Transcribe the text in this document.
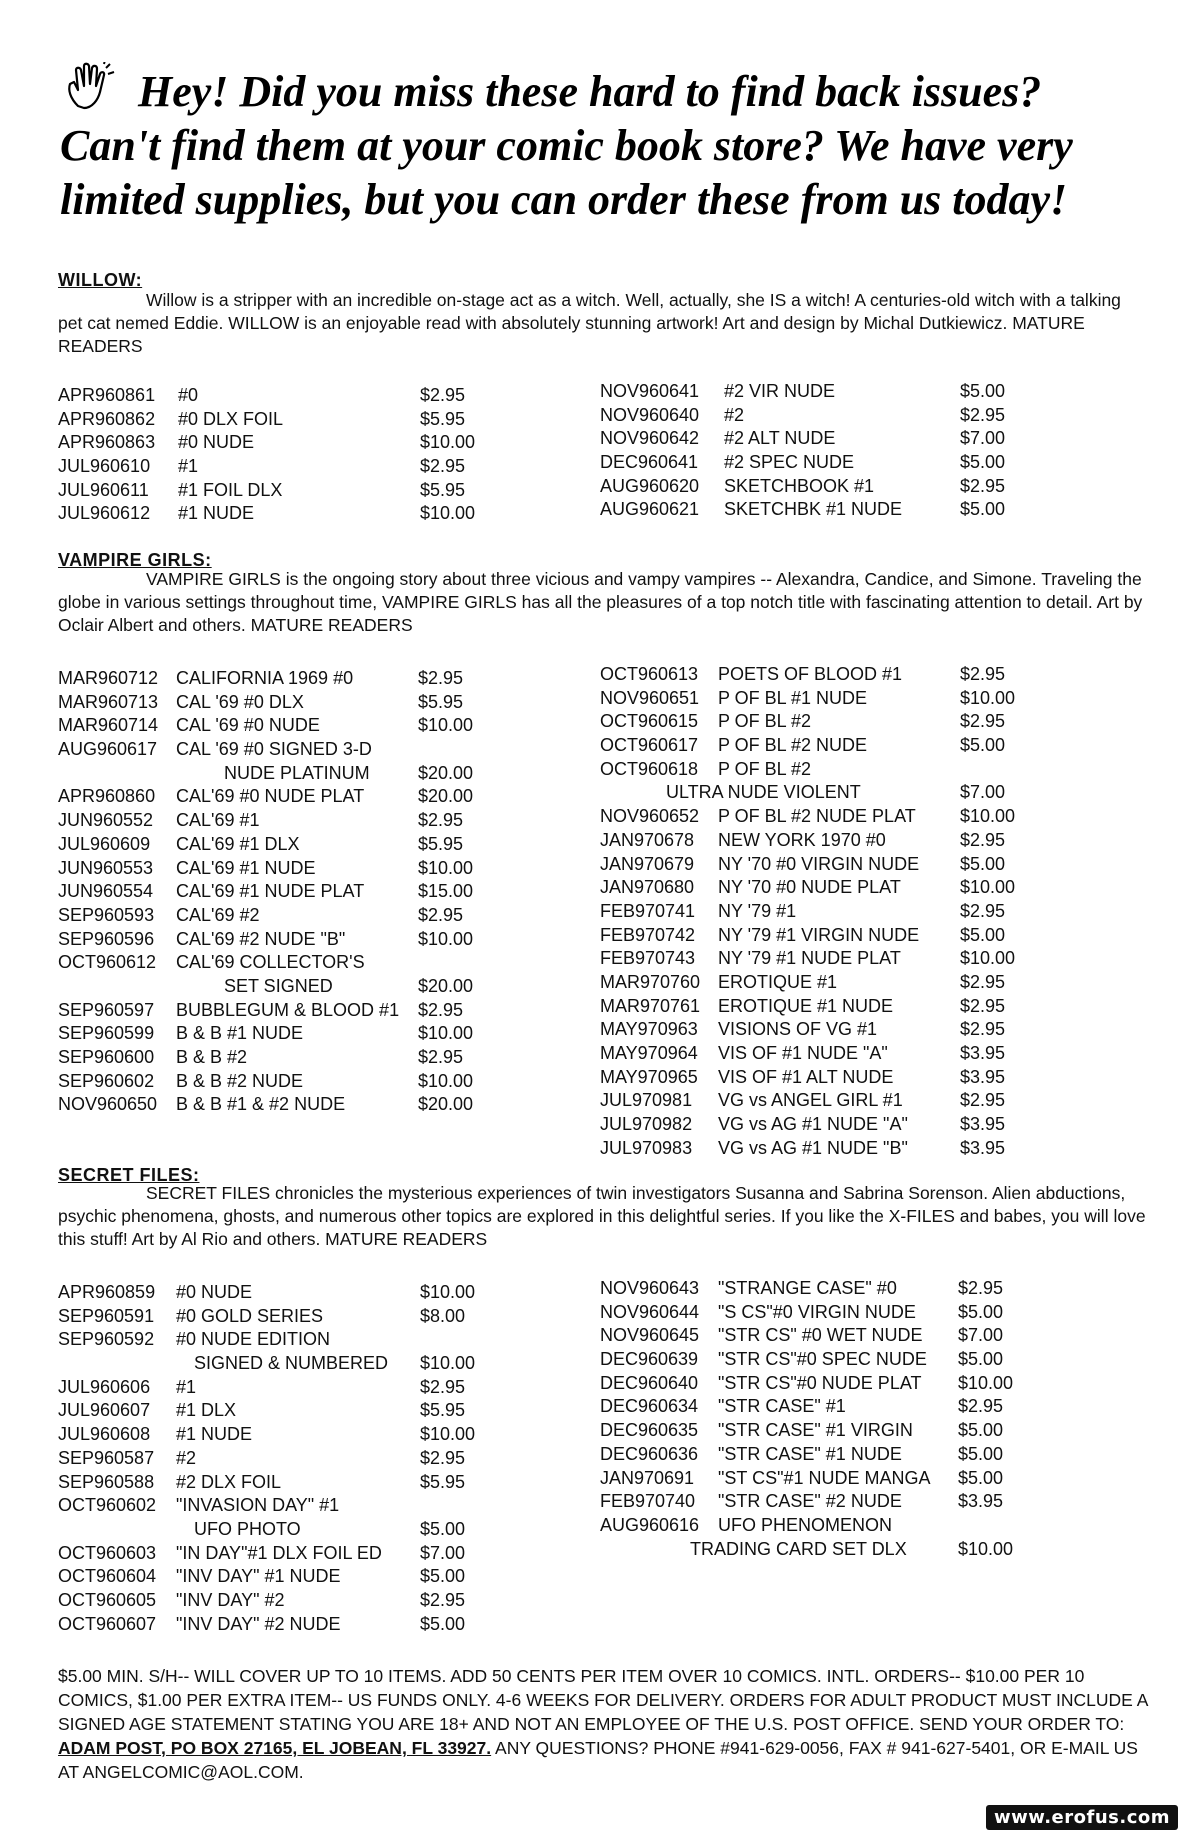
Hey! Did you miss these hard to find back issues?
Can't find them at your comic book store? We have very
limited supplies, but you can order these from us today!
WILLOW:
Willow is a stripper with an incredible on-stage act as a witch. Well, actually, she IS a witch! A centuries-old witch with a talking pet cat nemed Eddie. WILLOW is an enjoyable read with absolutely stunning artwork! Art and design by Michal Dutkiewicz. MATURE READERS
APR960861 #0	$2.95
APR960862 #0 DLX FOIL	$5.95
APR960863 #0 NUDE	$10.00
JUL960610 #1	$2.95
JUL960611 #1 FOIL DLX	$5.95
JUL960612 #1 NUDE	$10.00
NOV960641 #2 VIR NUDE	$5.00
NOV960640 #2	$2.95
NOV960642 #2 ALT NUDE	$7.00
DEC960641 #2 SPEC NUDE	$5.00
AUG960620 SKETCHBOOK #1	$2.95
AUG960621 SKETCHBK #1 NUDE	$5.00
VAMPIRE GIRLS:
VAMPIRE GIRLS is the ongoing story about three vicious and vampy vampires -- Alexandra, Candice, and Simone. Traveling the globe in various settings throughout time, VAMPIRE GIRLS has all the pleasures of a top notch title with fascinating attention to detail. Art by Oclair Albert and others. MATURE READERS
MAR960712 CALIFORNIA 1969 #0	$2.95
MAR960713 CAL '69 #0 DLX	$5.95
MAR960714 CAL '69 #0 NUDE	$10.00
AUG960617 CAL '69 #0 SIGNED 3-D
NUDE PLATINUM	$20.00
APR960860 CAL'69 #0 NUDE PLAT	$20.00
JUN960552 CAL'69 #1	$2.95
JUL960609 CAL'69 #1 DLX	$5.95
JUN960553 CAL'69 #1 NUDE	$10.00
JUN960554 CAL'69 #1 NUDE PLAT	$15.00
SEP960593 CAL'69 #2	$2.95
SEP960596 CAL'69 #2 NUDE "B"	$10.00
OCT960612 CAL'69 COLLECTOR'S
SET SIGNED	$20.00
SEP960597 BUBBLEGUM & BLOOD #1 $2.95
SEP960599 B & B #1 NUDE	$10.00
SEP960600 B & B #2	$2.95
SEP960602 B & B #2 NUDE	$10.00
NOV960650 B & B #1 & #2 NUDE	$20.00
OCT960613 POETS OF BLOOD #1	$2.95
NOV960651 P OF BL #1 NUDE	$10.00
OCT960615 P OF BL #2	$2.95
OCT960617 P OF BL #2 NUDE	$5.00
OCT960618 P OF BL #2
ULTRA NUDE VIOLENT	$7.00
NOV960652 P OF BL #2 NUDE PLAT $10.00
JAN970678 NEW YORK 1970 #0	$2.95
JAN970679 NY '70 #0 VIRGIN NUDE $5.00
JAN970680 NY '70 #0 NUDE PLAT	$10.00
FEB970741 NY '79 #1	$2.95
FEB970742 NY '79 #1 VIRGIN NUDE $5.00
FEB970743 NY '79 #1 NUDE PLAT	$10.00
MAR970760 EROTIQUE #1	$2.95
MAR970761 EROTIQUE #1 NUDE	$2.95
MAY970963 VISIONS OF VG #1	$2.95
MAY970964 VIS OF #1 NUDE "A"	$3.95
MAY970965 VIS OF #1 ALT NUDE	$3.95
JUL970981 VG vs ANGEL GIRL #1	$2.95
JUL970982 VG vs AG #1 NUDE "A"	$3.95
JUL970983 VG vs AG #1 NUDE "B"	$3.95
SECRET FILES:
SECRET FILES chronicles the mysterious experiences of twin investigators Susanna and Sabrina Sorenson. Alien abductions, psychic phenomena, ghosts, and numerous other topics are explored in this delightful series. If you like the X-FILES and babes, you will love this stuff! Art by Al Rio and others. MATURE READERS
APR960859 #0 NUDE	$10.00
SEP960591 #0 GOLD SERIES	$8.00
SEP960592 #0 NUDE EDITION
SIGNED & NUMBERED $10.00
JUL960606 #1	$2.95
JUL960607 #1 DLX	$5.95
JUL960608 #1 NUDE	$10.00
SEP960587 #2	$2.95
SEP960588 #2 DLX FOIL	$5.95
OCT960602 "INVASION DAY" #1
UFO PHOTO	$5.00
OCT960603 "IN DAY"#1 DLX FOIL ED $7.00
OCT960604 "INV DAY" #1 NUDE	$5.00
OCT960605 "INV DAY" #2	$2.95
OCT960607 "INV DAY" #2 NUDE	$5.00
NOV960643 "STRANGE CASE" #0	$2.95
NOV960644 "S CS"#0 VIRGIN NUDE $5.00
NOV960645 "STR CS" #0 WET NUDE $7.00
DEC960639 "STR CS"#0 SPEC NUDE $5.00
DEC960640 "STR CS"#0 NUDE PLAT $10.00
DEC960634 "STR CASE" #1	$2.95
DEC960635 "STR CASE" #1 VIRGIN	$5.00
DEC960636 "STR CASE" #1 NUDE	$5.00
JAN970691 "ST CS"#1 NUDE MANGA $5.00
FEB970740 "STR CASE" #2 NUDE	$3.95
AUG960616 UFO PHENOMENON
TRADING CARD SET DLX	$10.00
$5.00 MIN. S/H-- WILL COVER UP TO 10 ITEMS. ADD 50 CENTS PER ITEM OVER 10 COMICS. INTL. ORDERS-- $10.00 PER 10 COMICS, $1.00 PER EXTRA ITEM-- US FUNDS ONLY. 4-6 WEEKS FOR DELIVERY. ORDERS FOR ADULT PRODUCT MUST INCLUDE A SIGNED AGE STATEMENT STATING YOU ARE 18+ AND NOT AN EMPLOYEE OF THE U.S. POST OFFICE. SEND YOUR ORDER TO: ADAM POST, PO BOX 27165, EL JOBEAN, FL 33927. ANY QUESTIONS? PHONE #941-629-0056, FAX # 941-627-5401, OR E-MAIL US AT ANGELCOMIC@AOL.COM.
www.erofus.com
